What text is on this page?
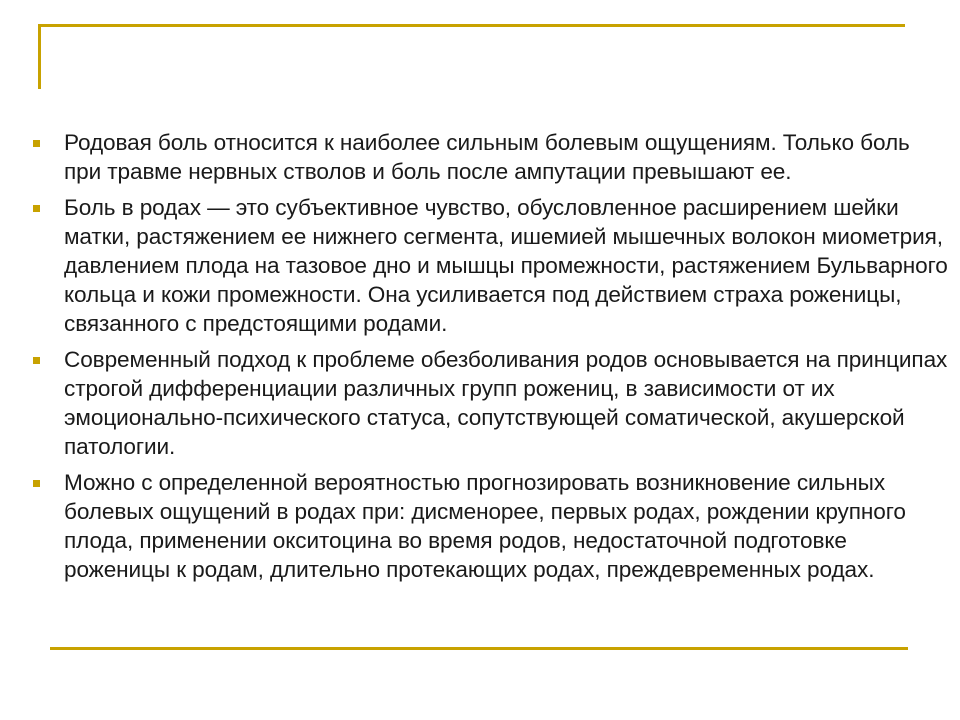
Родовая боль относится к наиболее сильным болевым ощущениям. Только боль при травме нервных стволов и боль после ампутации превышают ее.
Боль в родах — это субъективное чувство, обусловленное расширением шейки матки, растяжением ее нижнего сегмента, ишемией мышечных волокон миометрия, давлением плода на тазовое дно и мышцы промежности, растяжением Бульварного кольца и кожи промежности. Она усиливается под действием страха роженицы, связанного с предстоящими родами.
Современный подход к проблеме обезболивания родов основывается на принципах строгой дифференциации различных групп рожениц, в зависимости от их эмоционально-психического статуса, сопутствующей соматической, акушерской патологии.
Можно с определенной вероятностью прогнозировать возникновение сильных болевых ощущений в родах при: дисменорее, первых родах, рождении крупного плода, применении окситоцина во время родов, недостаточной подготовке роженицы к родам, длительно протекающих родах, преждевременных родах.
